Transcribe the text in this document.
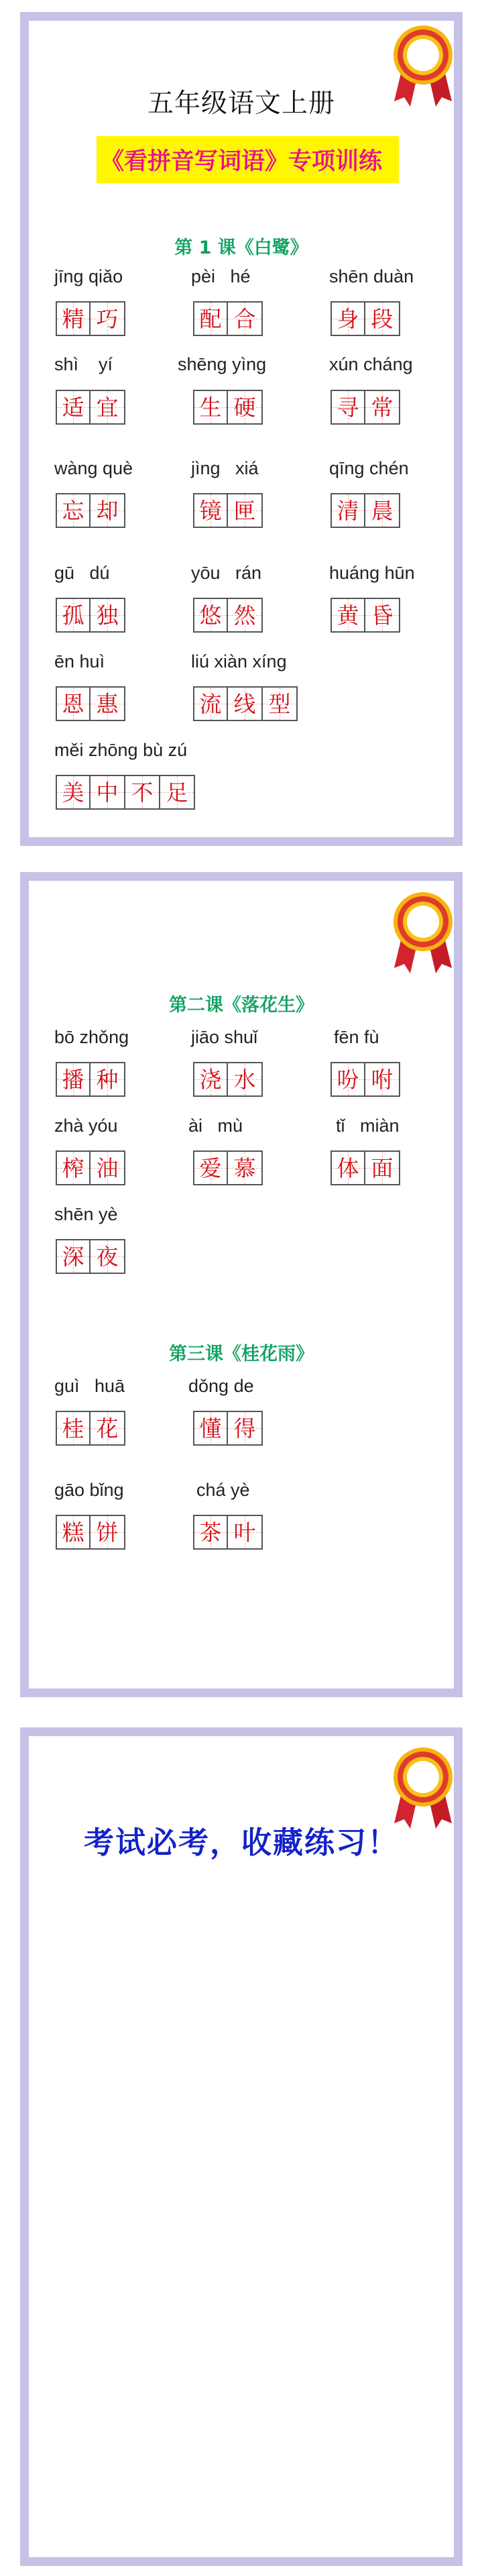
五年级语文上册
《看拼音写词语》专项训练
第 1 课《白鹭》
jīng qiǎo
精 巧
pèi   hé
配 合
shēn duàn
身 段
shì    yí
适 宜
shēng yìng
生 硬
xún cháng
寻 常
wàng què
忘 却
jìng   xiá
镜 匣
qīng chén
清 晨
gū   dú
孤 独
yōu   rán
悠 然
huáng hūn
黄 昏
ēn huì
恩 惠
liú xiàn xíng
流 线 型
měi zhōng bù zú
美 中 不 足
第二课《落花生》
bō zhǒng
播 种
jiāo shuǐ
浇 水
fēn fù
吩 咐
zhà yóu
榨 油
ài   mù
爱 慕
tǐ   miàn
体 面
shēn yè
深 夜
第三课《桂花雨》
guì   huā
桂 花
dǒng de
懂 得
gāo bǐng
糕 饼
chá yè
茶 叶
考试必考，收藏练习！
